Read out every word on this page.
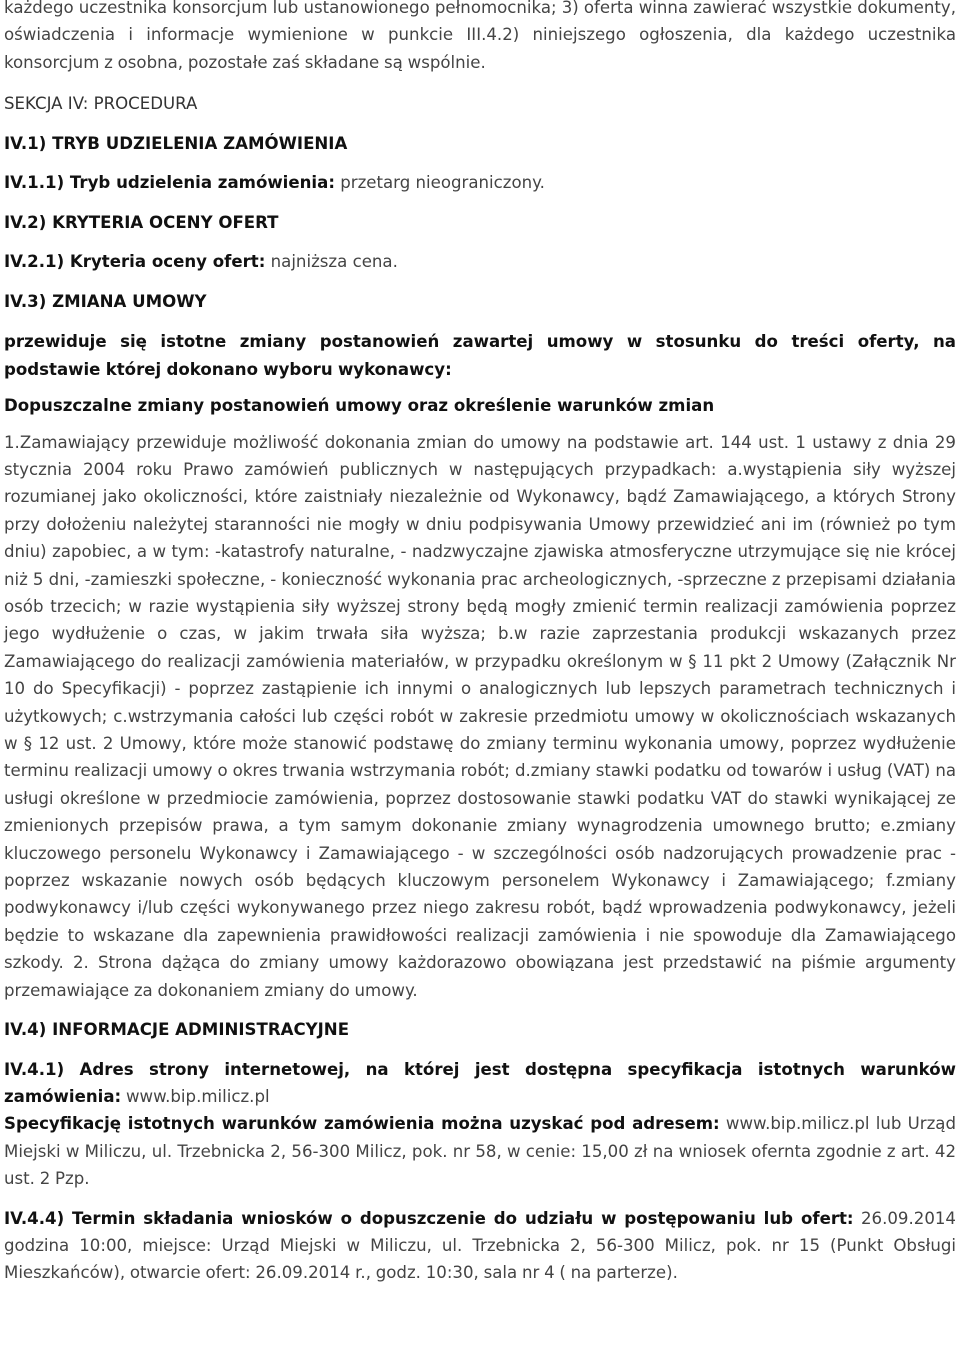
każdego uczestnika konsorcjum lub ustanowionego pełnomocnika; 3) oferta winna zawierać wszystkie dokumenty, oświadczenia i informacje wymienione w punkcie III.4.2) niniejszego ogłoszenia, dla każdego uczestnika konsorcjum z osobna, pozostałe zaś składane są wspólnie.

SEKCJA IV: PROCEDURA

IV.1) TRYB UDZIELENIA ZAMÓWIENIA

IV.1.1) Tryb udzielenia zamówienia: przetarg nieograniczony.

IV.2) KRYTERIA OCENY OFERT

IV.2.1) Kryteria oceny ofert: najniższa cena.

IV.3) ZMIANA UMOWY

przewiduje się istotne zmiany postanowień zawartej umowy w stosunku do treści oferty, na podstawie której dokonano wyboru wykonawcy:

Dopuszczalne zmiany postanowień umowy oraz określenie warunków zmian

1.Zamawiający przewiduje możliwość dokonania zmian do umowy na podstawie art. 144 ust. 1 ustawy z dnia 29 stycznia 2004 roku Prawo zamówień publicznych w następujących przypadkach: a.wystąpienia siły wyższej rozumianej jako okoliczności, które zaistniały niezależnie od Wykonawcy, bądź Zamawiającego, a których Strony przy dołożeniu należytej staranności nie mogły w dniu podpisywania Umowy przewidzieć ani im (również po tym dniu) zapobiec, a w tym: -katastrofy naturalne, - nadzwyczajne zjawiska atmosferyczne utrzymujące się nie krócej niż 5 dni, -zamieszki społeczne, - konieczność wykonania prac archeologicznych, -sprzeczne z przepisami działania osób trzecich; w razie wystąpienia siły wyższej strony będą mogły zmienić termin realizacji zamówienia poprzez jego wydłużenie o czas, w jakim trwała siła wyższa; b.w razie zaprzestania produkcji wskazanych przez Zamawiającego do realizacji zamówienia materiałów, w przypadku określonym w § 11 pkt 2 Umowy (Załącznik Nr 10 do Specyfikacji) - poprzez zastąpienie ich innymi o analogicznych lub lepszych parametrach technicznych i użytkowych; c.wstrzymania całości lub części robót w zakresie przedmiotu umowy w okolicznościach wskazanych w § 12 ust. 2 Umowy, które może stanowić podstawę do zmiany terminu wykonania umowy, poprzez wydłużenie terminu realizacji umowy o okres trwania wstrzymania robót; d.zmiany stawki podatku od towarów i usług (VAT) na usługi określone w przedmiocie zamówienia, poprzez dostosowanie stawki podatku VAT do stawki wynikającej ze zmienionych przepisów prawa, a tym samym dokonanie zmiany wynagrodzenia umownego brutto; e.zmiany kluczowego personelu Wykonawcy i Zamawiającego - w szczególności osób nadzorujących prowadzenie prac - poprzez wskazanie nowych osób będących kluczowym personelem Wykonawcy i Zamawiającego; f.zmiany podwykonawcy i/lub części wykonywanego przez niego zakresu robót, bądź wprowadzenia podwykonawcy, jeżeli będzie to wskazane dla zapewnienia prawidłowości realizacji zamówienia i nie spowoduje dla Zamawiającego szkody. 2. Strona dążąca do zmiany umowy każdorazowo obowiązana jest przedstawić na piśmie argumenty przemawiające za dokonaniem zmiany do umowy.

IV.4) INFORMACJE ADMINISTRACYJNE

IV.4.1) Adres strony internetowej, na której jest dostępna specyfikacja istotnych warunków zamówienia: www.bip.milicz.pl

Specyfikację istotnych warunków zamówienia można uzyskać pod adresem: www.bip.milicz.pl lub Urząd Miejski w Miliczu, ul. Trzebnicka 2, 56-300 Milicz, pok. nr 58, w cenie: 15,00 zł na wniosek ofernta zgodnie z art. 42 ust. 2 Pzp.

IV.4.4) Termin składania wniosków o dopuszczenie do udziału w postępowaniu lub ofert: 26.09.2014 godzina 10:00, miejsce: Urząd Miejski w Miliczu, ul. Trzebnicka 2, 56-300 Milicz, pok. nr 15 (Punkt Obsługi Mieszkańców), otwarcie ofert: 26.09.2014 r., godz. 10:30, sala nr 4 ( na parterze).
